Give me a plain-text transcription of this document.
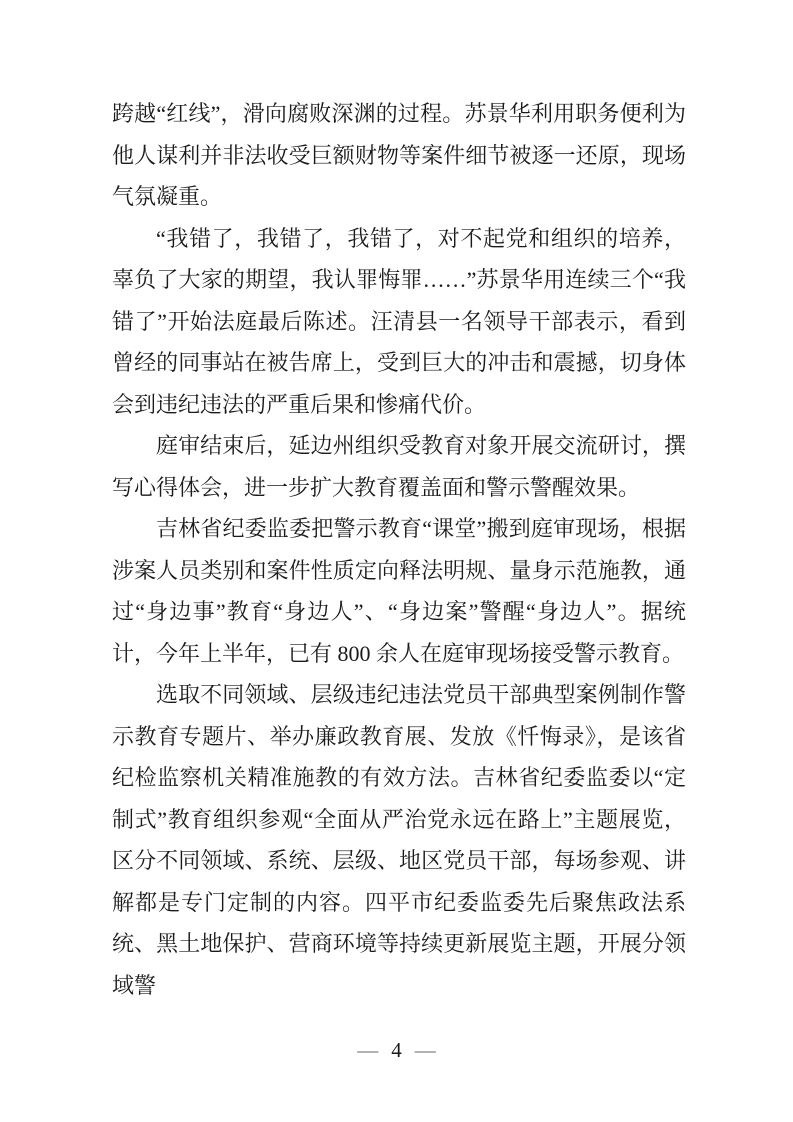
跨越“红线”，滑向腐败深渊的过程。苏景华利用职务便利为他人谋利并非法收受巨额财物等案件细节被逐一还原，现场气氛凝重。

“我错了，我错了，我错了，对不起党和组织的培养，辜负了大家的期望，我认罪悔罪……”苏景华用连续三个“我错了”开始法庭最后陈述。汪清县一名领导干部表示，看到曾经的同事站在被告席上，受到巨大的冲击和震撼，切身体会到违纪违法的严重后果和惨痛代价。

庭审结束后，延边州组织受教育对象开展交流研讨，撰写心得体会，进一步扩大教育覆盖面和警示警醒效果。

吉林省纪委监委把警示教育“课堂”搬到庭审现场，根据涉案人员类别和案件性质定向释法明规、量身示范施教，通过“身边事”教育“身边人”、“身边案”警醒“身边人”。据统计，今年上半年，已有 800 余人在庭审现场接受警示教育。

选取不同领域、层级违纪违法党员干部典型案例制作警示教育专题片、举办廉政教育展、发放《忏悔录》，是该省纪检监察机关精准施教的有效方法。吉林省纪委监委以“定制式”教育组织参观“全面从严治党永远在路上”主题展览，区分不同领域、系统、层级、地区党员干部，每场参观、讲解都是专门定制的内容。四平市纪委监委先后聚焦政法系统、黑土地保护、营商环境等持续更新展览主题，开展分领域警

— 4 —
